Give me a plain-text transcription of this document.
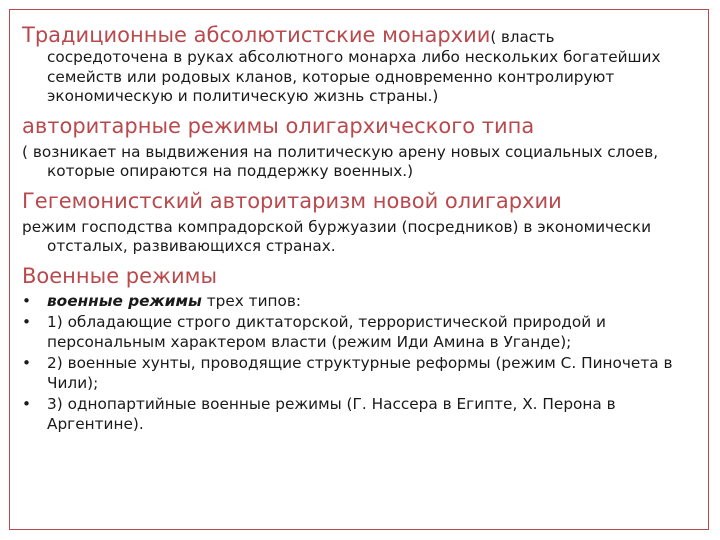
Традиционные абсолютистские монархии( власть

сосредоточена в руках абсолютного монарха либо нескольких богатейших семейств или родовых кланов, которые одновременно контролируют экономическую и политическую жизнь страны.)

авторитарные режимы олигархического типа

( возникает на выдвижения на политическую арену новых социальных слоев, которые опираются на поддержку военных.)

Гегемонистский авторитаризм новой олигархии

режим господства компрадорской буржуазии (посредников) в экономически отсталых, развивающихся странах.

Военные режимы
•	военные режимы трех типов:
•	1) обладающие строго диктаторской, террористической природой и персональным характером власти (режим Иди Амина в Уганде);
•	2) военные хунты, проводящие структурные реформы (режим С. Пиночета в Чили);
•	3) однопартийные военные режимы (Г. Нассера в Египте, Х. Перона в Аргентине).
